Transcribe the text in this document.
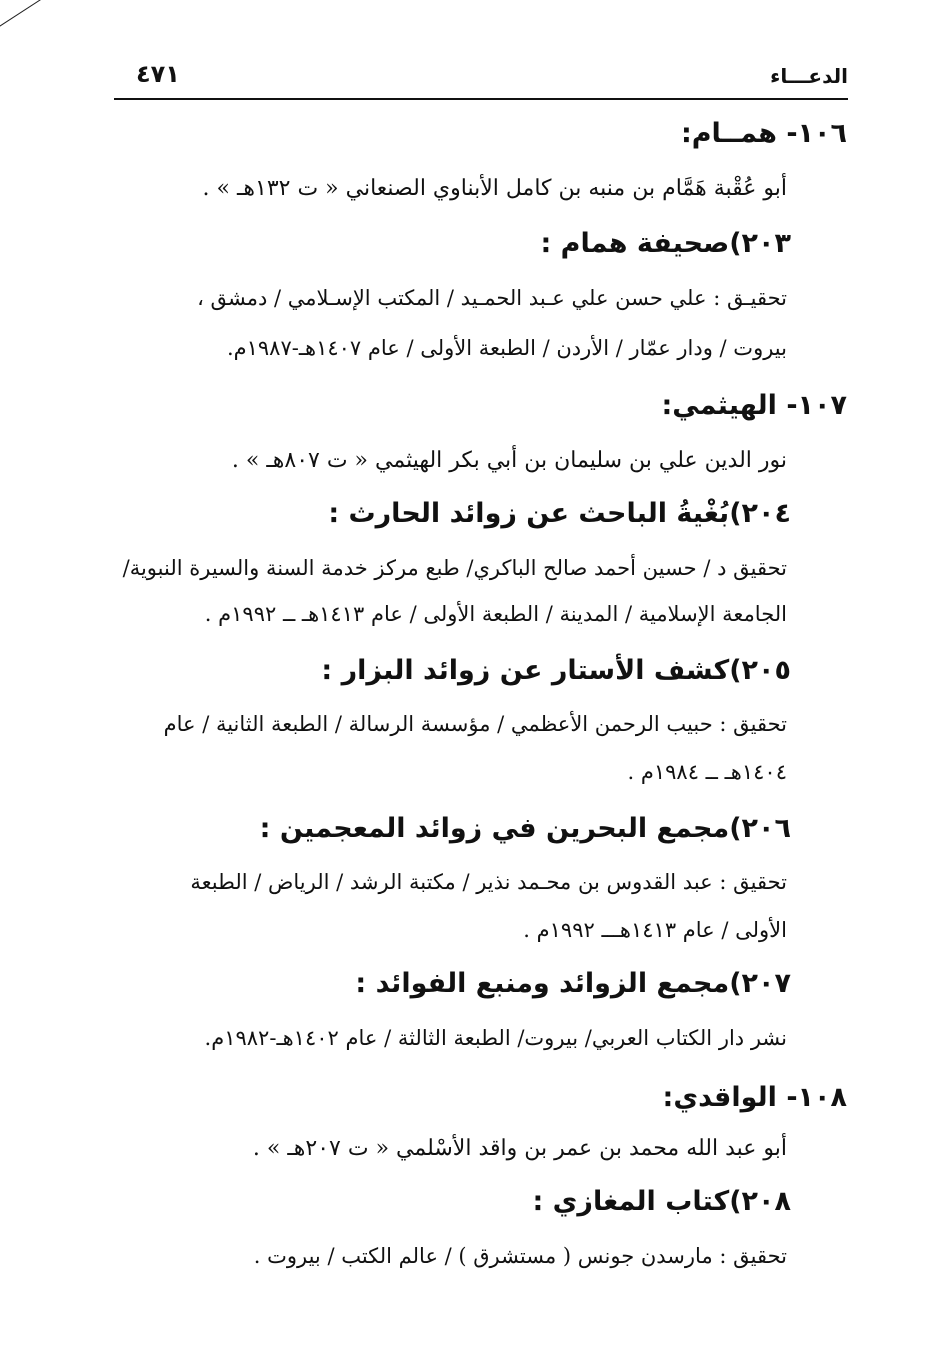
الدعـــاء
٤٧١
١٠٦- همــام:
أبو عُقْبة هَمَّام بن منبه بن كامل الأبناوي الصنعاني « ت ١٣٢هـ » .
٢٠٣)صحيفة همام :
تحقيـق : علي حسن علي عـبد الحمـيد / المكتب الإسـلامي / دمشق ،
بيروت / ودار عمّار / الأردن / الطبعة الأولى / عام ١٤٠٧هـ-١٩٨٧م.
١٠٧- الهيثمي:
نور الدين علي بن سليمان بن أبي بكر الهيثمي « ت ٨٠٧هـ » .
٢٠٤)بُغْيةُ الباحث عن زوائد الحارث :
تحقيق د / حسين أحمد صالح الباكري/ طبع مركز خدمة السنة والسيرة النبوية/
الجامعة الإسلامية / المدينة / الطبعة الأولى / عام ١٤١٣هـ ــ ١٩٩٢م .
٢٠٥)كشف الأستار عن زوائد البزار :
تحقيق : حبيب الرحمن الأعظمي / مؤسسة الرسالة / الطبعة الثانية / عام
١٤٠٤هـ ــ ١٩٨٤م .
٢٠٦)مجمع البحرين في زوائد المعجمين :
تحقيق : عبد القدوس بن محـمد نذير / مكتبة الرشد / الرياض / الطبعة
الأولى / عام ١٤١٣هـــ ١٩٩٢م .
٢٠٧)مجمع الزوائد ومنبع الفوائد :
نشر دار الكتاب العربي/ بيروت/ الطبعة الثالثة / عام ١٤٠٢هـ-١٩٨٢م.
١٠٨- الواقدي:
أبو عبد الله محمد بن عمر بن واقد الأسْلمي « ت ٢٠٧هـ » .
٢٠٨)كتاب المغازي :
تحقيق : مارسدن جونس ( مستشرق ) / عالم الكتب / بيروت .
